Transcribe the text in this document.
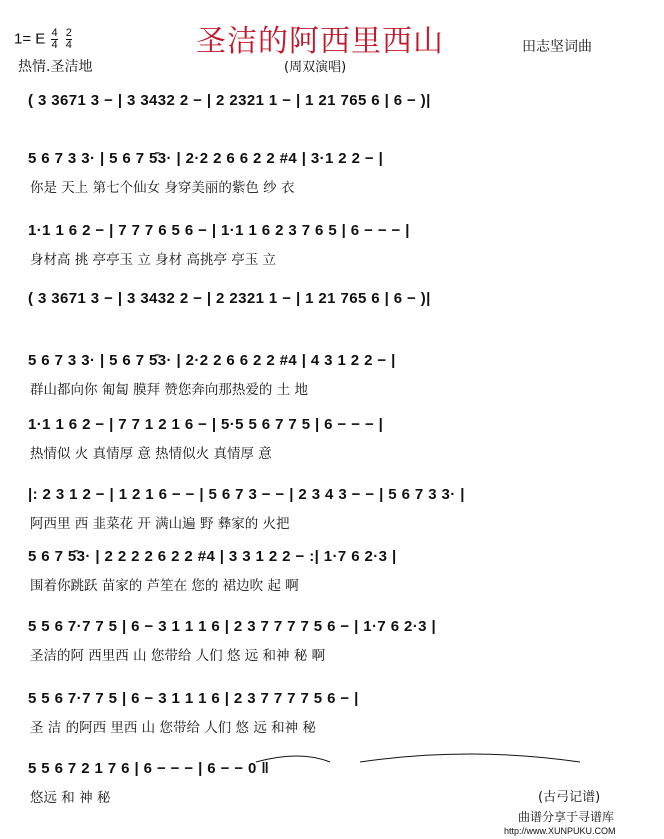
1= E $\frac{4}{4}$
$\frac{2}{4}$
热情.圣洁地
圣洁的阿西里西山
(周双演唱)
田志坚词曲
( 3 3671 3 − | 3 3432 2 − | 2 2321 1 − | 1 21 765 6 | 6 − )|
5 6 7 3 3· | 5 6 7 5̄3· | 2·2 2 6 6 2 2 #4 | 3·1 2 2 − |
你是 天上 第七个仙女 身穿美丽的紫色 纱 衣
1·1 1 6 2 − | 7 7 7 6 5 6 − | 1·1 1 6 2 3 7 6 5 | 6 − − − |
身材高 挑 亭亭玉 立 身材 高挑亭 亭玉 立
( 3 3671 3 − | 3 3432 2 − | 2 2321 1 − | 1 21 765 6 | 6 − )|
5 6 7 3 3· | 5 6 7 5̄3· | 2·2 2 6 6 2 2 #4 | 4 3 1 2 2 − |
群山都向你 匍匐 膜拜 赞您奔向那热爱的 土 地
1·1 1 6 2 − | 7 7 1 2 1 6 − | 5·5 5 6 7 7 5 | 6 − − − |
热情似 火 真情厚 意 热情似火 真情厚 意
|: 2 3 1 2 − | 1 2 1 6 − − | 5 6 7 3 − − | 2 3 4 3 − − | 5 6 7 3 3· |
阿西里 西 韭菜花 开 满山遍 野 彝家的 火把
5 6 7 5̄3· | 2 2 2 2 6 2 2 #4 | 3 3 1 2 2 − :| 1·7 6 2·3 |
围着你跳跃 苗家的 芦笙在 您的 裙边吹 起 啊
5 5 6 7·7 7 5 | 6 − 3 1 1 1 6 | 2 3 7 7 7 7 5 6 − | 1·7 6 2·3 |
圣洁的阿 西里西 山 您带给 人们 悠 远 和神 秘 啊
5 5 6 7·7 7 5 | 6 − 3 1 1 1 6 | 2 3 7 7 7 7 5 6 − |
圣 洁 的阿西 里西 山 您带给 人们 悠 远 和神 秘
5 5 6 7 2 1 7 6 | 6 − − − | 6 − − 0 ‖
悠远 和 神 秘	(古弓记谱)
曲谱分享于寻谱库
http://www.XUNPUKU.COM
